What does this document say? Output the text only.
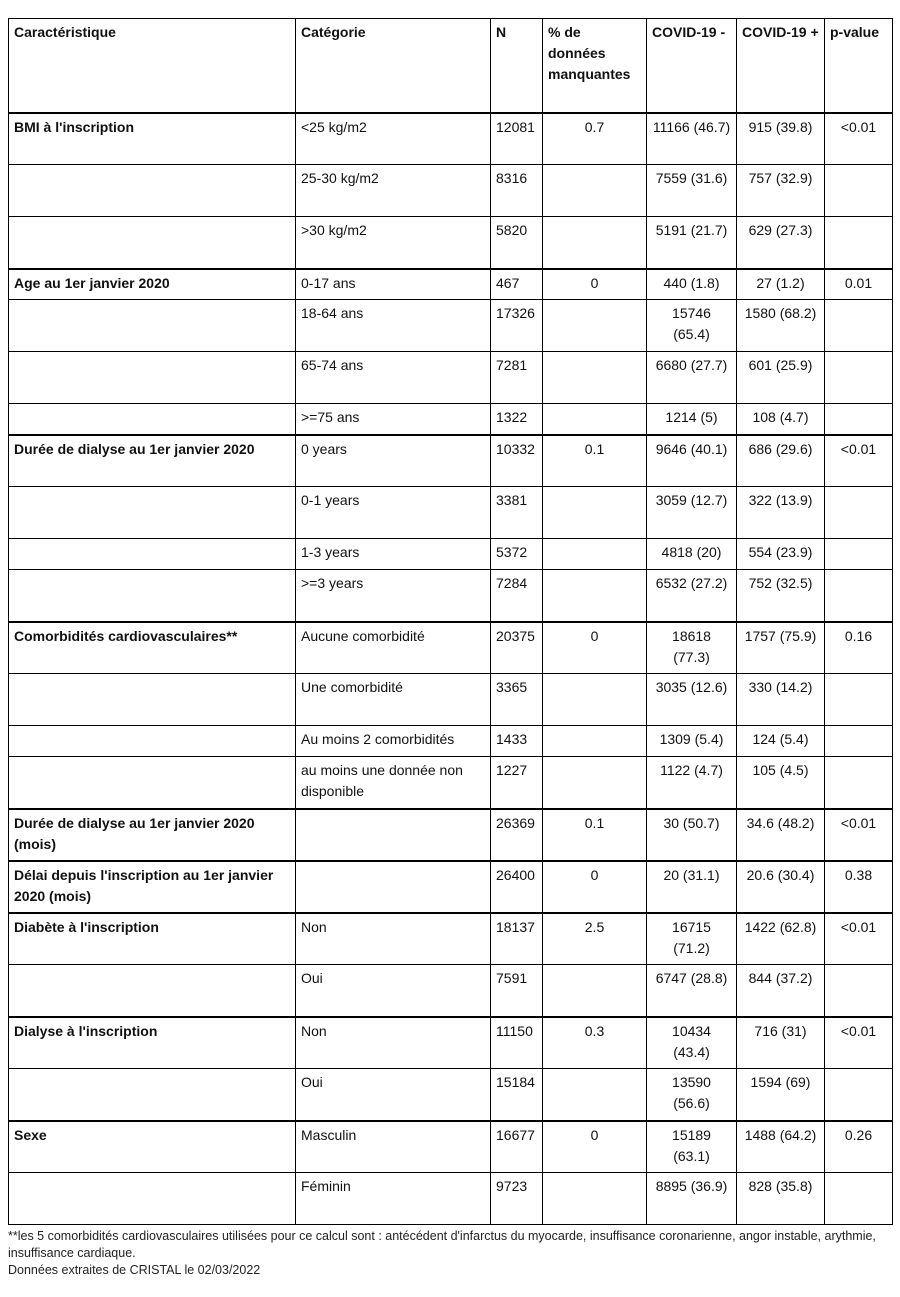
Caractéristique	Catégorie	N	% de données manquantes	COVID-19 -	COVID-19 +	p-value
BMI à l'inscription	<25 kg/m2	12081	0.7	11166 (46.7)	915 (39.8)	<0.01
	25-30 kg/m2	8316		7559 (31.6)	757 (32.9)	
	>30 kg/m2	5820		5191 (21.7)	629 (27.3)	
Age au 1er janvier 2020	0-17 ans	467	0	440 (1.8)	27 (1.2)	0.01
	18-64 ans	17326		15746 (65.4)	1580 (68.2)	
	65-74 ans	7281		6680 (27.7)	601 (25.9)	
	>=75 ans	1322		1214 (5)	108 (4.7)	
Durée de dialyse au 1er janvier 2020	0 years	10332	0.1	9646 (40.1)	686 (29.6)	<0.01
	0-1 years	3381		3059 (12.7)	322 (13.9)	
	1-3 years	5372		4818 (20)	554 (23.9)	
	>=3 years	7284		6532 (27.2)	752 (32.5)	
Comorbidités cardiovasculaires**	Aucune comorbidité	20375	0	18618 (77.3)	1757 (75.9)	0.16
	Une comorbidité	3365		3035 (12.6)	330 (14.2)	
	Au moins 2 comorbidités	1433		1309 (5.4)	124 (5.4)	
	au moins une donnée non disponible	1227		1122 (4.7)	105 (4.5)	
Durée de dialyse au 1er janvier 2020 (mois)		26369	0.1	30 (50.7)	34.6 (48.2)	<0.01
Délai depuis l'inscription au 1er janvier 2020 (mois)		26400	0	20 (31.1)	20.6 (30.4)	0.38
Diabète à l'inscription	Non	18137	2.5	16715 (71.2)	1422 (62.8)	<0.01
	Oui	7591		6747 (28.8)	844 (37.2)	
Dialyse à l'inscription	Non	11150	0.3	10434 (43.4)	716 (31)	<0.01
	Oui	15184		13590 (56.6)	1594 (69)	
Sexe	Masculin	16677	0	15189 (63.1)	1488 (64.2)	0.26
	Féminin	9723		8895 (36.9)	828 (35.8)	
**les 5 comorbidités cardiovasculaires utilisées pour ce calcul sont : antécédent d'infarctus du myocarde, insuffisance coronarienne, angor instable, arythmie, insuffisance cardiaque.
Données extraites de CRISTAL le 02/03/2022
